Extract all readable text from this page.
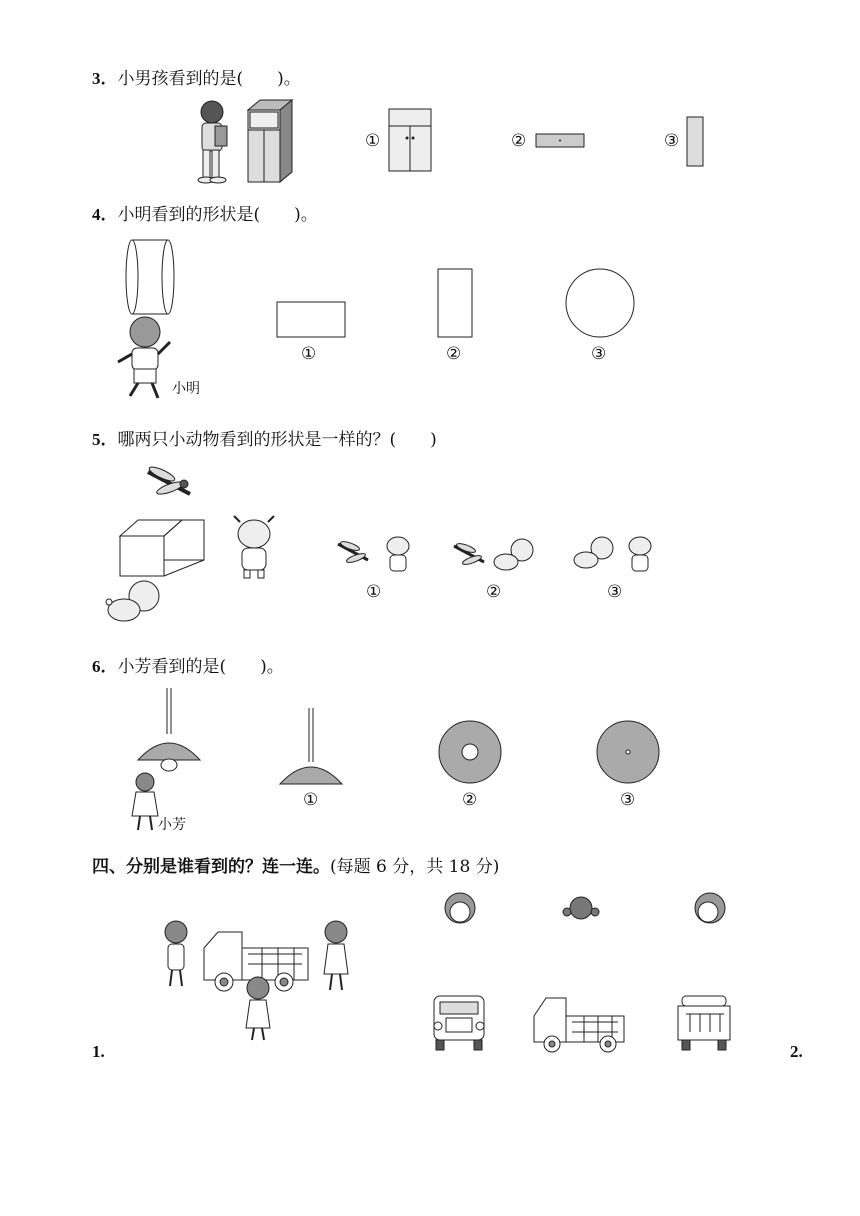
3．小男孩看到的是(　　)。
①	②	③
4．小明看到的形状是(　　)。
小明
①	②	③
5．哪两只小动物看到的形状是一样的？(　　)
①	②	③
6．小芳看到的是(　　)。
小芳
①	②	③
四、分别是谁看到的？连一连。(每题 6 分，共 18 分)
1.	2.
